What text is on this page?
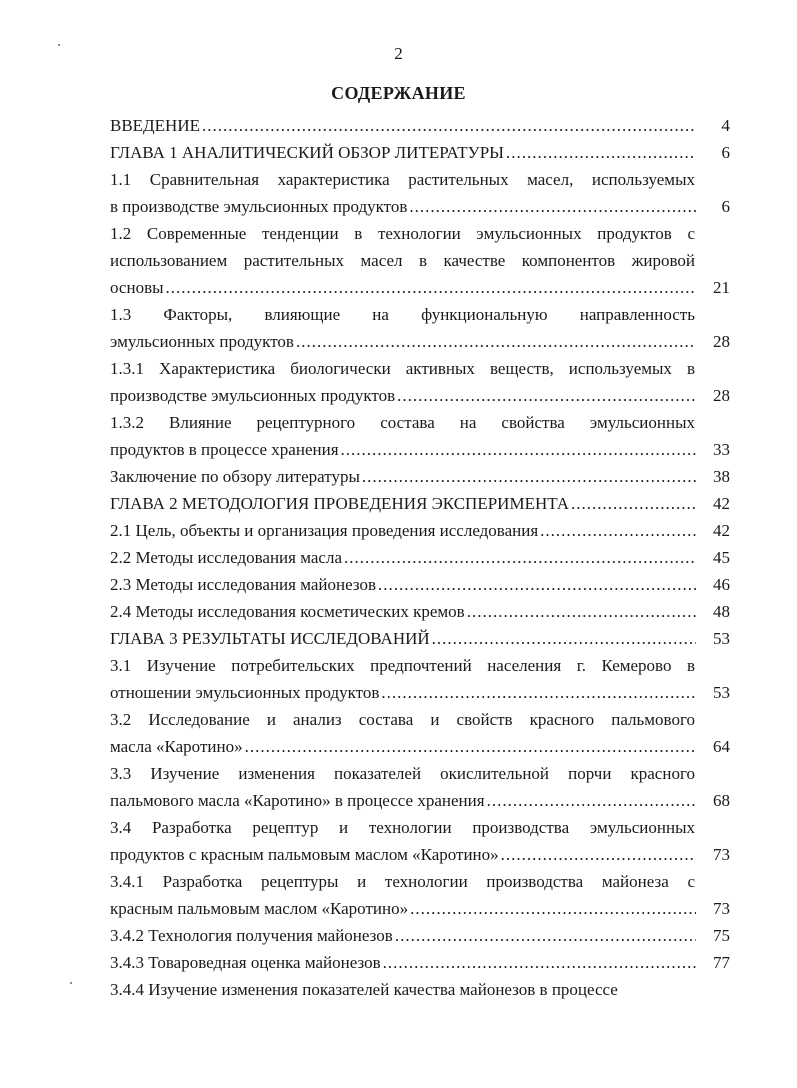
2
СОДЕРЖАНИЕ
ВВЕДЕНИЕ .....	4
ГЛАВА 1 АНАЛИТИЧЕСКИЙ ОБЗОР ЛИТЕРАТУРЫ .....	6
1.1 Сравнительная характеристика растительных масел, используемых
в производстве эмульсионных продуктов .....	6
1.2 Современные тенденции в технологии эмульсионных продуктов с
использованием растительных масел в качестве компонентов жировой
основы .....	21
1.3 Факторы, влияющие на функциональную направленность
эмульсионных продуктов .....	28
1.3.1 Характеристика биологически активных веществ, используемых в
производстве эмульсионных продуктов .....	28
1.3.2 Влияние рецептурного состава на свойства эмульсионных
продуктов в процессе хранения .....	33
Заключение по обзору литературы .....	38
ГЛАВА 2 МЕТОДОЛОГИЯ ПРОВЕДЕНИЯ ЭКСПЕРИМЕНТА .....	42
2.1 Цель, объекты и организация проведения исследования .....	42
2.2 Методы исследования масла .....	45
2.3 Методы исследования майонезов .....	46
2.4 Методы исследования косметических кремов .....	48
ГЛАВА 3 РЕЗУЛЬТАТЫ ИССЛЕДОВАНИЙ .....	53
3.1 Изучение потребительских предпочтений населения г. Кемерово в
отношении эмульсионных продуктов .....	53
3.2 Исследование и анализ состава и свойств красного пальмового
масла «Каротино» .....	64
3.3 Изучение изменения показателей окислительной порчи красного
пальмового масла «Каротино» в процессе хранения .....	68
3.4 Разработка рецептур и технологии производства эмульсионных
продуктов с красным пальмовым маслом «Каротино» .....	73
3.4.1 Разработка рецептуры и технологии производства майонеза с
красным пальмовым маслом «Каротино» .....	73
3.4.2 Технология получения майонезов .....	75
3.4.3 Товароведная оценка майонезов .....	77
3.4.4 Изучение изменения показателей качества майонезов в процессе
